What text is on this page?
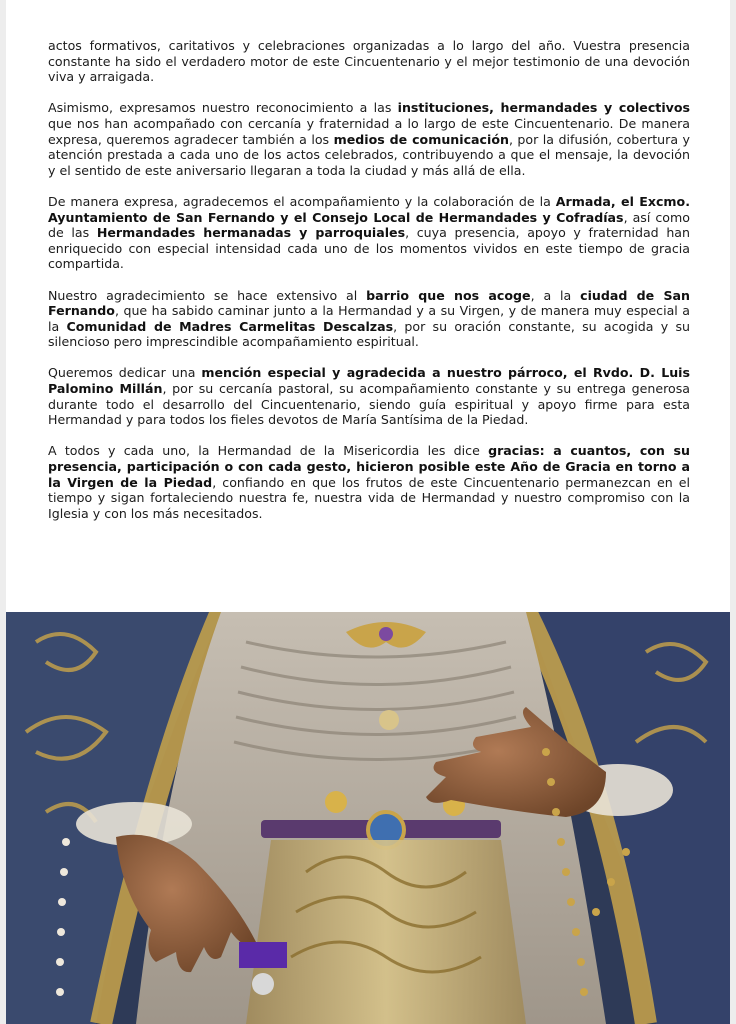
actos formativos, caritativos y celebraciones organizadas a lo largo del año. Vuestra presencia constante ha sido el verdadero motor de este Cincuentenario y el mejor testimonio de una devoción viva y arraigada.

Asimismo, expresamos nuestro reconocimiento a las instituciones, hermandades y colectivos que nos han acompañado con cercanía y fraternidad a lo largo de este Cincuentenario. De manera expresa, queremos agradecer también a los medios de comunicación, por la difusión, cobertura y atención prestada a cada uno de los actos celebrados, contribuyendo a que el mensaje, la devoción y el sentido de este aniversario llegaran a toda la ciudad y más allá de ella.

De manera expresa, agradecemos el acompañamiento y la colaboración de la Armada, el Excmo. Ayuntamiento de San Fernando y el Consejo Local de Hermandades y Cofradías, así como de las Hermandades hermanadas y parroquiales, cuya presencia, apoyo y fraternidad han enriquecido con especial intensidad cada uno de los momentos vividos en este tiempo de gracia compartida.

Nuestro agradecimiento se hace extensivo al barrio que nos acoge, a la ciudad de San Fernando, que ha sabido caminar junto a la Hermandad y a su Virgen, y de manera muy especial a la Comunidad de Madres Carmelitas Descalzas, por su oración constante, su acogida y su silencioso pero imprescindible acompañamiento espiritual.

Queremos dedicar una mención especial y agradecida a nuestro párroco, el Rvdo. D. Luis Palomino Millán, por su cercanía pastoral, su acompañamiento constante y su entrega generosa durante todo el desarrollo del Cincuentenario, siendo guía espiritual y apoyo firme para esta Hermandad y para todos los fieles devotos de María Santísima de la Piedad.

A todos y cada uno, la Hermandad de la Misericordia les dice gracias: a cuantos, con su presencia, participación o con cada gesto, hicieron posible este Año de Gracia en torno a la Virgen de la Piedad, confiando en que los frutos de este Cincuentenario permanezcan en el tiempo y sigan fortaleciendo nuestra fe, nuestra vida de Hermandad y nuestro compromiso con la Iglesia y con los más necesitados.
